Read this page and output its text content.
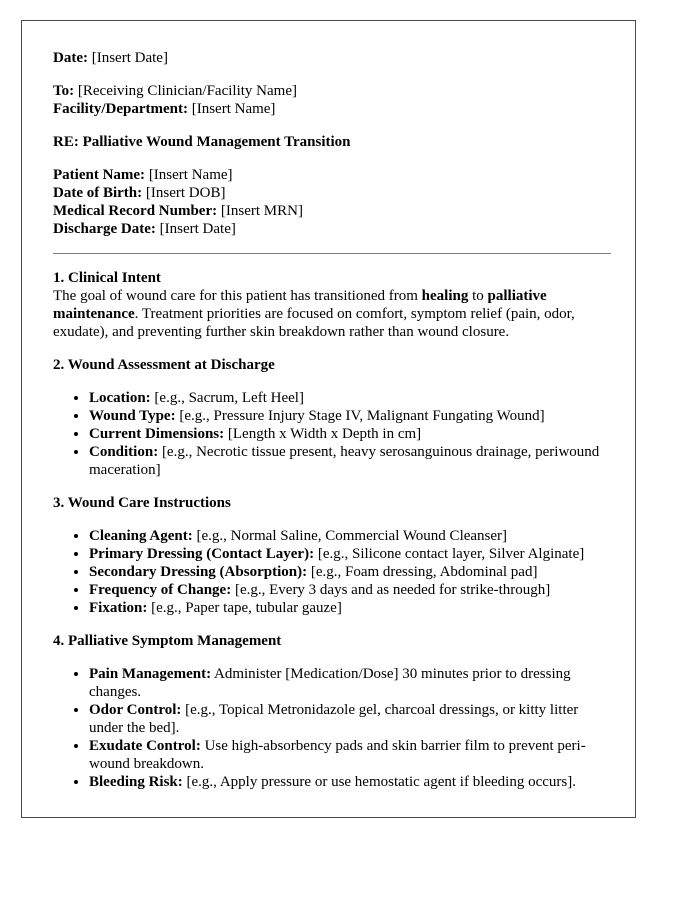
Date: [Insert Date]

To: [Receiving Clinician/Facility Name]

Facility/Department: [Insert Name]

RE: Palliative Wound Management Transition

Patient Name: [Insert Name]

Date of Birth: [Insert DOB]

Medical Record Number: [Insert MRN]

Discharge Date: [Insert Date]

1. Clinical Intent

The goal of wound care for this patient has transitioned from healing to palliative maintenance. Treatment priorities are focused on comfort, symptom relief (pain, odor, exudate), and preventing further skin breakdown rather than wound closure.

2. Wound Assessment at Discharge
• Location: [e.g., Sacrum, Left Heel]
• Wound Type: [e.g., Pressure Injury Stage IV, Malignant Fungating Wound]
• Current Dimensions: [Length x Width x Depth in cm]
• Condition: [e.g., Necrotic tissue present, heavy serosanguinous drainage, periwound maceration]
3. Wound Care Instructions
• Cleaning Agent: [e.g., Normal Saline, Commercial Wound Cleanser]
• Primary Dressing (Contact Layer): [e.g., Silicone contact layer, Silver Alginate]
• Secondary Dressing (Absorption): [e.g., Foam dressing, Abdominal pad]
• Frequency of Change: [e.g., Every 3 days and as needed for strike-through]
• Fixation: [e.g., Paper tape, tubular gauze]
4. Palliative Symptom Management
• Pain Management: Administer [Medication/Dose] 30 minutes prior to dressing changes.
• Odor Control: [e.g., Topical Metronidazole gel, charcoal dressings, or kitty litter under the bed].
• Exudate Control: Use high-absorbency pads and skin barrier film to prevent peri-wound breakdown.
• Bleeding Risk: [e.g., Apply pressure or use hemostatic agent if bleeding occurs].
